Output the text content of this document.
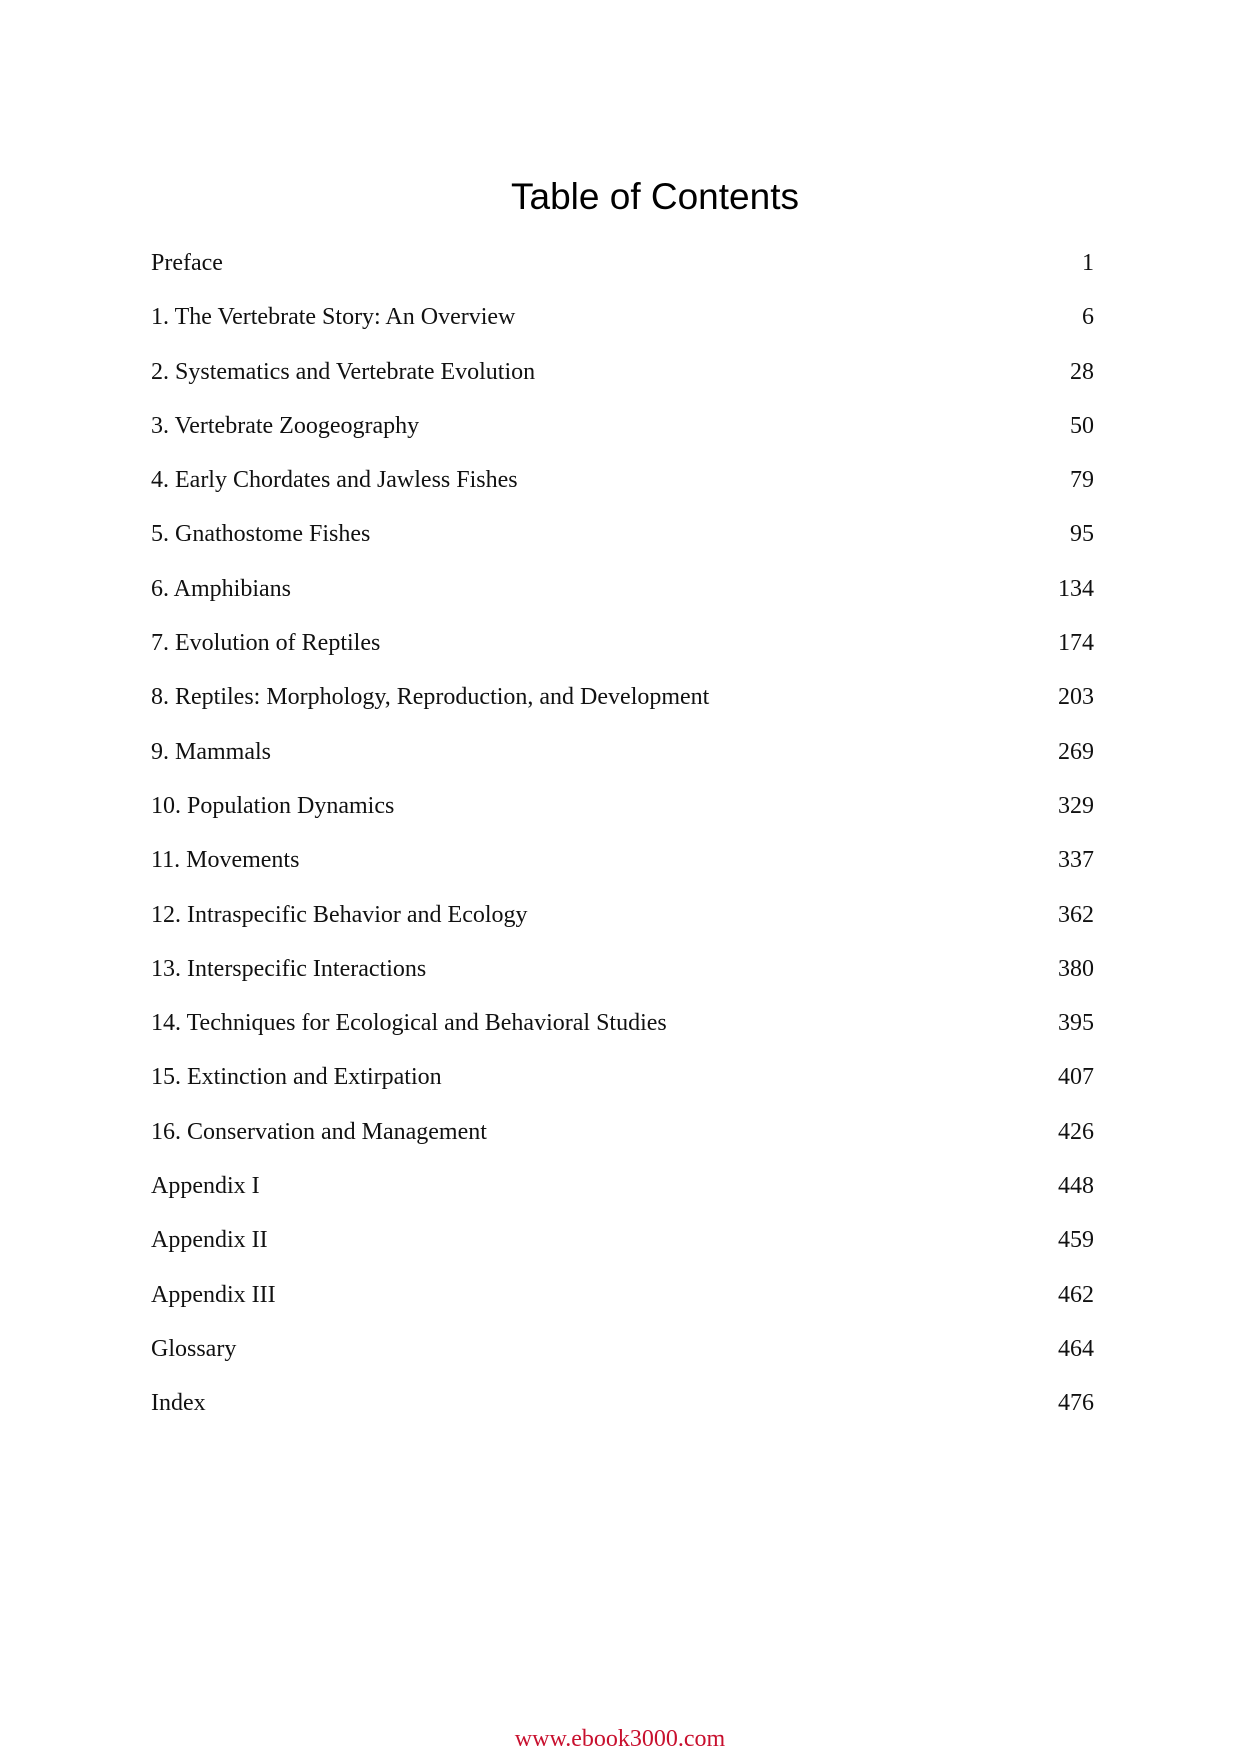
Table of Contents
Preface	1
1. The Vertebrate Story: An Overview	6
2. Systematics and Vertebrate Evolution	28
3. Vertebrate Zoogeography	50
4. Early Chordates and Jawless Fishes	79
5. Gnathostome Fishes	95
6. Amphibians	134
7. Evolution of Reptiles	174
8. Reptiles: Morphology, Reproduction, and Development	203
9. Mammals	269
10. Population Dynamics	329
11. Movements	337
12. Intraspecific Behavior and Ecology	362
13. Interspecific Interactions	380
14. Techniques for Ecological and Behavioral Studies	395
15. Extinction and Extirpation	407
16. Conservation and Management	426
Appendix I	448
Appendix II	459
Appendix III	462
Glossary	464
Index	476
www.ebook3000.com
